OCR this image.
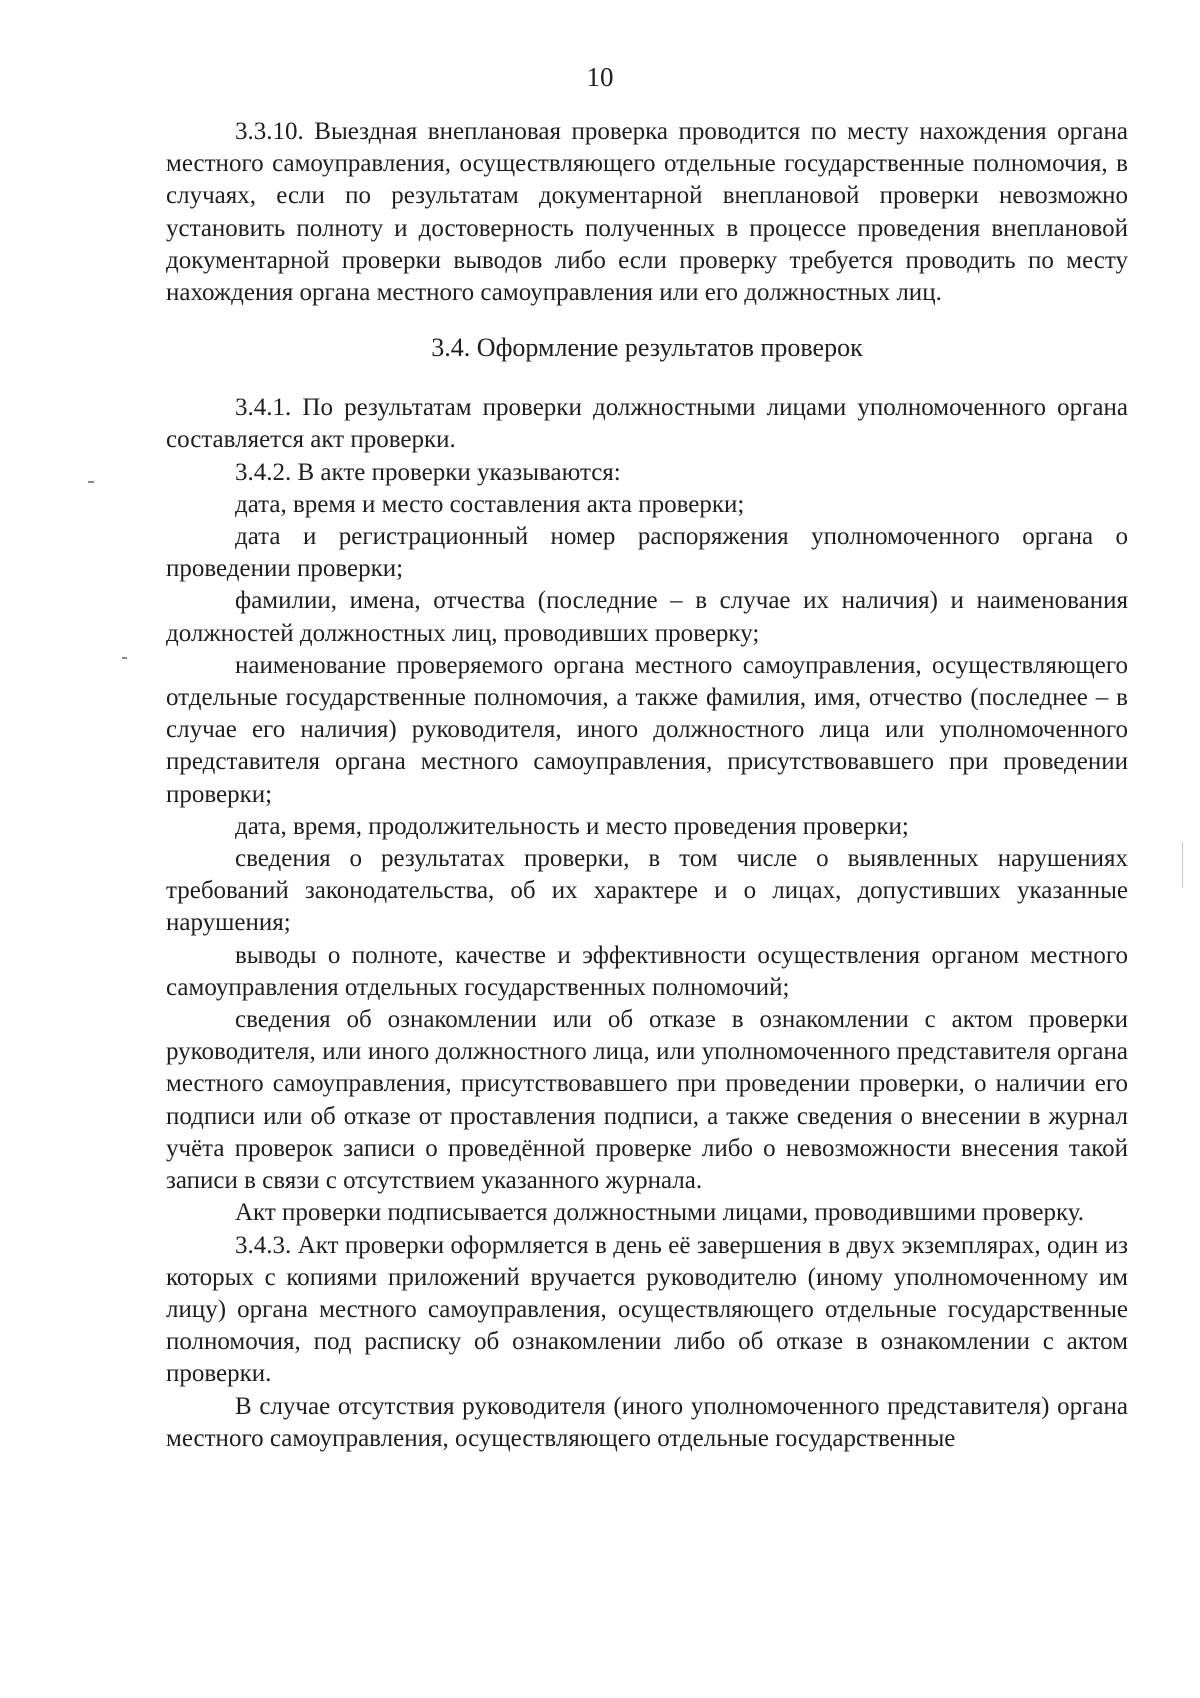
10

3.3.10. Выездная внеплановая проверка проводится по месту нахождения органа местного самоуправления, осуществляющего отдельные государственные полномочия, в случаях, если по результатам документарной внеплановой проверки невозможно установить полноту и достоверность полученных в процессе проведения внеплановой документарной проверки выводов либо если проверку требуется проводить по месту нахождения органа местного самоуправления или его должностных лиц.

3.4. Оформление результатов проверок

3.4.1. По результатам проверки должностными лицами уполномоченного органа составляется акт проверки.

3.4.2. В акте проверки указываются:

дата, время и место составления акта проверки;

дата и регистрационный номер распоряжения уполномоченного органа о проведении проверки;

фамилии, имена, отчества (последние – в случае их наличия) и наименования должностей должностных лиц, проводивших проверку;

наименование проверяемого органа местного самоуправления, осуществляющего отдельные государственные полномочия, а также фамилия, имя, отчество (последнее – в случае его наличия) руководителя, иного должностного лица или уполномоченного представителя органа местного самоуправления, присутствовавшего при проведении проверки;

дата, время, продолжительность и место проведения проверки;

сведения о результатах проверки, в том числе о выявленных нарушениях требований законодательства, об их характере и о лицах, допустивших указанные нарушения;

выводы о полноте, качестве и эффективности осуществления органом местного самоуправления отдельных государственных полномочий;

сведения об ознакомлении или об отказе в ознакомлении с актом проверки руководителя, или иного должностного лица, или уполномоченного представителя органа местного самоуправления, присутствовавшего при проведении проверки, о наличии его подписи или об отказе от проставления подписи, а также сведения о внесении в журнал учёта проверок записи о проведённой проверке либо о невозможности внесения такой записи в связи с отсутствием указанного журнала.

Акт проверки подписывается должностными лицами, проводившими проверку.

3.4.3. Акт проверки оформляется в день её завершения в двух экземплярах, один из которых с копиями приложений вручается руководителю (иному уполномоченному им лицу) органа местного самоуправления, осуществляющего отдельные государственные полномочия, под расписку об ознакомлении либо об отказе в ознакомлении с актом проверки.

В случае отсутствия руководителя (иного уполномоченного представителя) органа местного самоуправления, осуществляющего отдельные государственные
